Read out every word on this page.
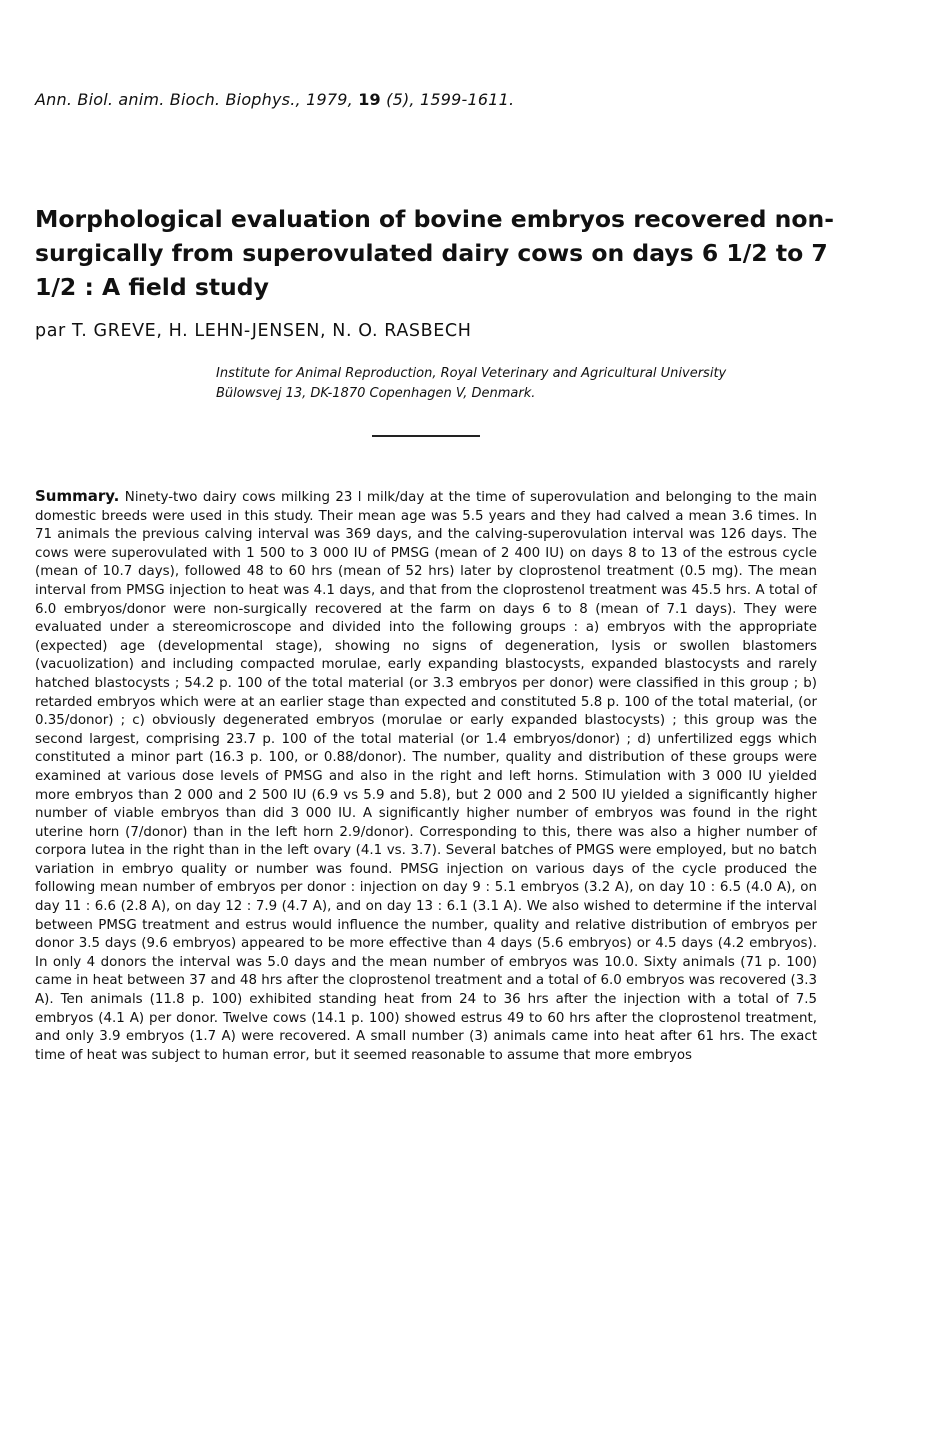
Ann. Biol. anim. Bioch. Biophys., 1979, 19 (5), 1599-1611.
Morphological evaluation of bovine embryos recovered non-surgically from superovulated dairy cows on days 6 1/2 to 7 1/2 : A field study
par T. GREVE, H. LEHN-JENSEN, N. O. RASBECH
Institute for Animal Reproduction, Royal Veterinary and Agricultural University
Bülowsvej 13, DK-1870 Copenhagen V, Denmark.

Summary. Ninety-two dairy cows milking 23 l milk/day at the time of superovulation and belonging to the main domestic breeds were used in this study. Their mean age was 5.5 years and they had calved a mean 3.6 times. In 71 animals the previous calving interval was 369 days, and the calving-superovulation interval was 126 days. The cows were superovulated with 1 500 to 3 000 IU of PMSG (mean of 2 400 IU) on days 8 to 13 of the estrous cycle (mean of 10.7 days), followed 48 to 60 hrs (mean of 52 hrs) later by cloprostenol treatment (0.5 mg). The mean interval from PMSG injection to heat was 4.1 days, and that from the cloprostenol treatment was 45.5 hrs. A total of 6.0 embryos/donor were non-surgically recovered at the farm on days 6 to 8 (mean of 7.1 days). They were evaluated under a stereomicroscope and divided into the following groups : a) embryos with the appropriate (expected) age (developmental stage), showing no signs of degeneration, lysis or swollen blastomers (vacuolization) and including compacted morulae, early expanding blastocysts, expanded blastocysts and rarely hatched blastocysts ; 54.2 p. 100 of the total material (or 3.3 embryos per donor) were classified in this group ; b) retarded embryos which were at an earlier stage than expected and constituted 5.8 p. 100 of the total material, (or 0.35/donor) ; c) obviously degenerated embryos (morulae or early expanded blastocysts) ; this group was the second largest, comprising 23.7 p. 100 of the total material (or 1.4 embryos/donor) ; d) unfertilized eggs which constituted a minor part (16.3 p. 100, or 0.88/donor). The number, quality and distribution of these groups were examined at various dose levels of PMSG and also in the right and left horns. Stimulation with 3 000 IU yielded more embryos than 2 000 and 2 500 IU (6.9 vs 5.9 and 5.8), but 2 000 and 2 500 IU yielded a significantly higher number of viable embryos than did 3 000 IU. A significantly higher number of embryos was found in the right uterine horn (7/donor) than in the left horn 2.9/donor). Corresponding to this, there was also a higher number of corpora lutea in the right than in the left ovary (4.1 vs. 3.7). Several batches of PMGS were employed, but no batch variation in embryo quality or number was found. PMSG injection on various days of the cycle produced the following mean number of embryos per donor : injection on day 9 : 5.1 embryos (3.2 A), on day 10 : 6.5 (4.0 A), on day 11 : 6.6 (2.8 A), on day 12 : 7.9 (4.7 A), and on day 13 : 6.1 (3.1 A). We also wished to determine if the interval between PMSG treatment and estrus would influence the number, quality and relative distribution of embryos per donor 3.5 days (9.6 embryos) appeared to be more effective than 4 days (5.6 embryos) or 4.5 days (4.2 embryos). In only 4 donors the interval was 5.0 days and the mean number of embryos was 10.0. Sixty animals (71 p. 100) came in heat between 37 and 48 hrs after the cloprostenol treatment and a total of 6.0 embryos was recovered (3.3 A). Ten animals (11.8 p. 100) exhibited standing heat from 24 to 36 hrs after the injection with a total of 7.5 embryos (4.1 A) per donor. Twelve cows (14.1 p. 100) showed estrus 49 to 60 hrs after the cloprostenol treatment, and only 3.9 embryos (1.7 A) were recovered. A small number (3) animals came into heat after 61 hrs. The exact time of heat was subject to human error, but it seemed reasonable to assume that more embryos
